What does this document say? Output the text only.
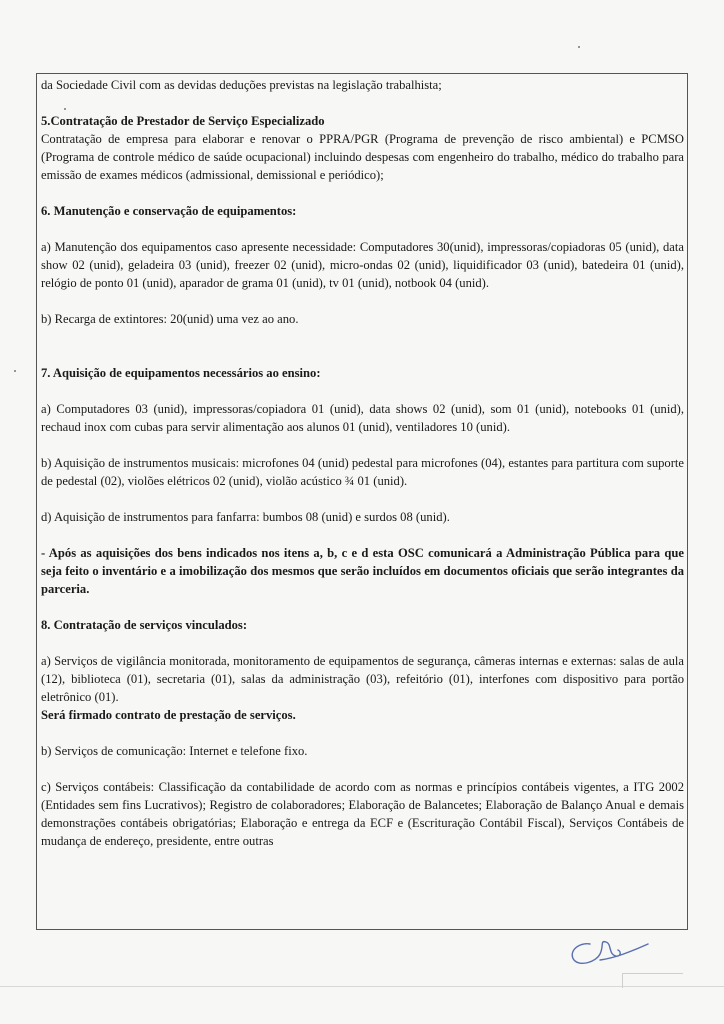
da Sociedade Civil com as devidas deduções previstas na legislação trabalhista;

5.Contratação de Prestador de Serviço Especializado

Contratação de empresa para elaborar e renovar o PPRA/PGR (Programa de prevenção de risco ambiental) e PCMSO (Programa de controle médico de saúde ocupacional) incluindo despesas com engenheiro do trabalho, médico do trabalho para emissão de exames médicos (admissional, demissional e periódico);

6. Manutenção e conservação de equipamentos:

a) Manutenção dos equipamentos caso apresente necessidade: Computadores 30(unid), impressoras/copiadoras 05 (unid), data show 02 (unid), geladeira 03 (unid), freezer 02 (unid), micro-ondas 02 (unid), liquidificador 03 (unid), batedeira 01 (unid), relógio de ponto 01 (unid), aparador de grama 01 (unid), tv 01 (unid), notbook 04 (unid).

b) Recarga de extintores: 20(unid) uma vez ao ano.

7. Aquisição de equipamentos necessários ao ensino:

a) Computadores 03 (unid), impressoras/copiadora 01 (unid), data shows 02 (unid), som 01 (unid), notebooks 01 (unid), rechaud inox com cubas para servir alimentação aos alunos 01 (unid), ventiladores 10 (unid).

b) Aquisição de instrumentos musicais: microfones 04 (unid) pedestal para microfones (04), estantes para partitura com suporte de pedestal (02), violões elétricos 02 (unid), violão acústico ¾ 01 (unid).

d) Aquisição de instrumentos para fanfarra: bumbos 08 (unid) e surdos 08 (unid).

- Após as aquisições dos bens indicados nos itens a, b, c e d esta OSC comunicará a Administração Pública para que seja feito o inventário e a imobilização dos mesmos que serão incluídos em documentos oficiais que serão integrantes da parceria.

8. Contratação de serviços vinculados:

a) Serviços de vigilância monitorada, monitoramento de equipamentos de segurança, câmeras internas e externas: salas de aula (12), biblioteca (01), secretaria (01), salas da administração (03), refeitório (01), interfones com dispositivo para portão eletrônico (01).

Será firmado contrato de prestação de serviços.

b) Serviços de comunicação: Internet e telefone fixo.

c) Serviços contábeis: Classificação da contabilidade de acordo com as normas e princípios contábeis vigentes, a ITG 2002 (Entidades sem fins Lucrativos); Registro de colaboradores; Elaboração de Balancetes; Elaboração de Balanço Anual e demais demonstrações contábeis obrigatórias; Elaboração e entrega da ECF e (Escrituração Contábil Fiscal), Serviços Contábeis de mudança de endereço, presidente, entre outras
